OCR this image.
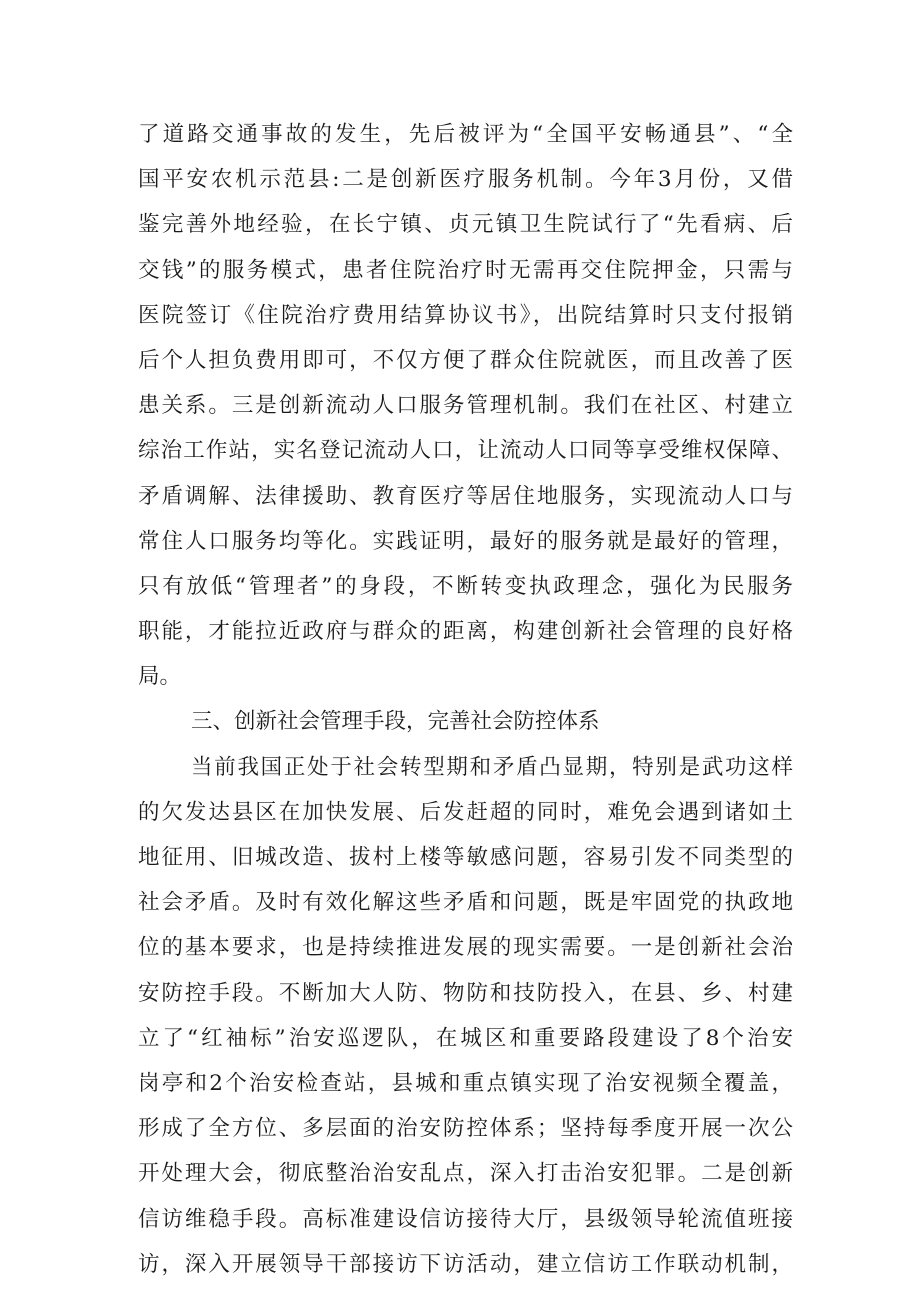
了道路交通事故的发生，先后被评为“全国平安畅通县”、“全
国平安农机示范县:二是创新医疗服务机制。今年3月份，又借
鉴完善外地经验，在长宁镇、贞元镇卫生院试行了“先看病、后
交钱”的服务模式，患者住院治疗时无需再交住院押金，只需与
医院签订《住院治疗费用结算协议书》，出院结算时只支付报销
后个人担负费用即可，不仅方便了群众住院就医，而且改善了医
患关系。三是创新流动人口服务管理机制。我们在社区、村建立
综治工作站，实名登记流动人口，让流动人口同等享受维权保障、
矛盾调解、法律援助、教育医疗等居住地服务，实现流动人口与
常住人口服务均等化。实践证明，最好的服务就是最好的管理，
只有放低“管理者”的身段，不断转变执政理念，强化为民服务
职能，才能拉近政府与群众的距离，构建创新社会管理的良好格
局。
三、创新社会管理手段，完善社会防控体系
当前我国正处于社会转型期和矛盾凸显期，特别是武功这样
的欠发达县区在加快发展、后发赶超的同时，难免会遇到诸如土
地征用、旧城改造、拔村上楼等敏感问题，容易引发不同类型的
社会矛盾。及时有效化解这些矛盾和问题，既是牢固党的执政地
位的基本要求，也是持续推进发展的现实需要。一是创新社会治
安防控手段。不断加大人防、物防和技防投入，在县、乡、村建
立了“红袖标”治安巡逻队，在城区和重要路段建设了8个治安
岗亭和2个治安检查站，县城和重点镇实现了治安视频全覆盖，
形成了全方位、多层面的治安防控体系；坚持每季度开展一次公
开处理大会，彻底整治治安乱点，深入打击治安犯罪。二是创新
信访维稳手段。高标准建设信访接待大厅，县级领导轮流值班接
访，深入开展领导干部接访下访活动，建立信访工作联动机制，
